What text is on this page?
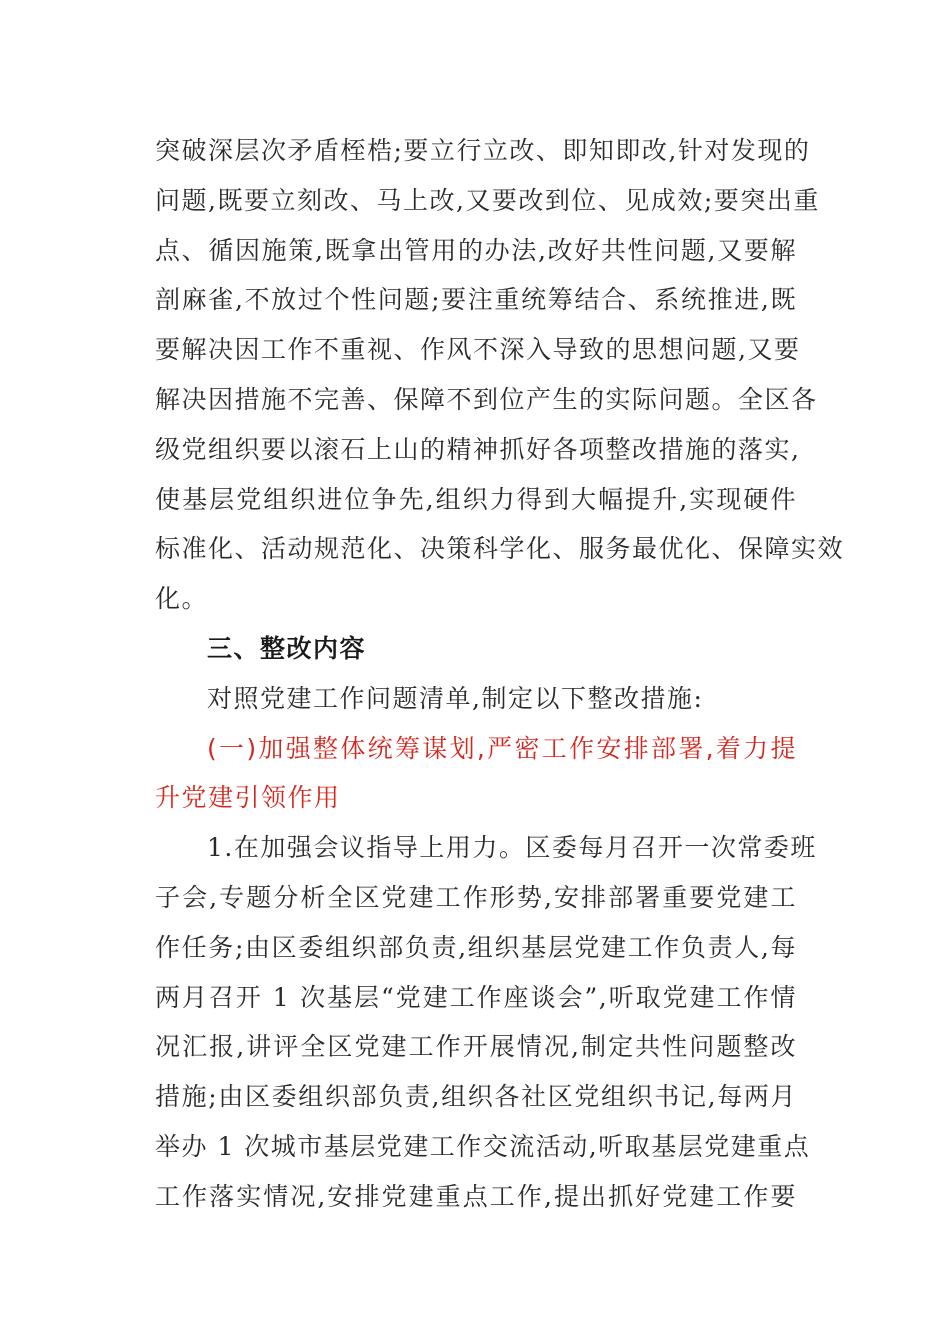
突破深层次矛盾桎梏;要立行立改、即知即改,针对发现的
问题,既要立刻改、马上改,又要改到位、见成效;要突出重
点、循因施策,既拿出管用的办法,改好共性问题,又要解
剖麻雀,不放过个性问题;要注重统筹结合、系统推进,既
要解决因工作不重视、作风不深入导致的思想问题,又要
解决因措施不完善、保障不到位产生的实际问题。全区各
级党组织要以滚石上山的精神抓好各项整改措施的落实,
使基层党组织进位争先,组织力得到大幅提升,实现硬件
标准化、活动规范化、决策科学化、服务最优化、保障实效
化。
三、整改内容
对照党建工作问题清单,制定以下整改措施:
(一)加强整体统筹谋划,严密工作安排部署,着力提
升党建引领作用
1.在加强会议指导上用力。区委每月召开一次常委班
子会,专题分析全区党建工作形势,安排部署重要党建工
作任务;由区委组织部负责,组织基层党建工作负责人,每
两月召开 1 次基层“党建工作座谈会”,听取党建工作情
况汇报,讲评全区党建工作开展情况,制定共性问题整改
措施;由区委组织部负责,组织各社区党组织书记,每两月
举办 1 次城市基层党建工作交流活动,听取基层党建重点
工作落实情况,安排党建重点工作,提出抓好党建工作要
